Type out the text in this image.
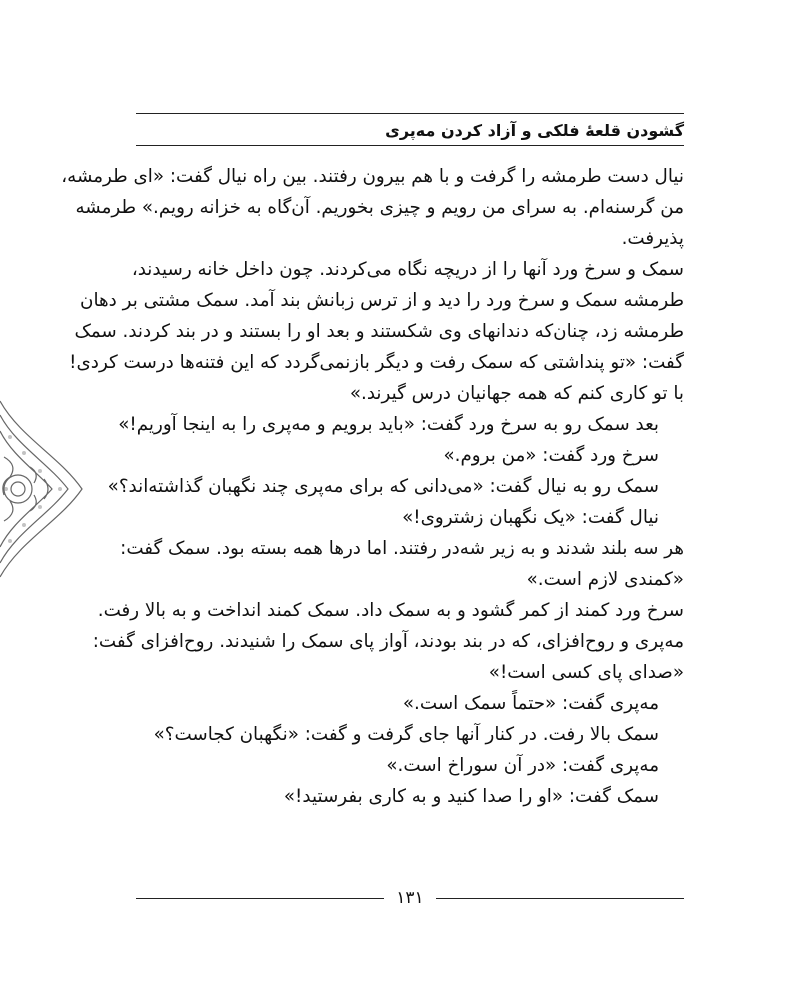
گشودن قلعهٔ فلکی و آزاد کردن مه‌پری
نیال دست طرمشه را گرفت و با هم بیرون رفتند. بین راه نیال گفت: «ای طرمشه،
من گرسنه‌ام. به سرای من رویم و چیزی بخوریم. آن‌گاه به خزانه رویم.» طرمشه
پذیرفت.
سمک و سرخ ورد آنها را از دریچه نگاه می‌کردند. چون داخل خانه رسیدند،
طرمشه سمک و سرخ ورد را دید و از ترس زبانش بند آمد. سمک مشتی بر دهان
طرمشه زد، چنان‌که دندانهای وی شکستند و بعد او را بستند و در بند کردند. سمک
گفت: «تو پنداشتی که سمک رفت و دیگر بازنمی‌گردد که این فتنه‌ها درست کردی!
با تو کاری کنم که همه جهانیان درس گیرند.»
بعد سمک رو به سرخ ورد گفت: «باید برویم و مه‌پری را به اینجا آوریم!»
سرخ ورد گفت: «من بروم.»
سمک رو به نیال گفت: «می‌دانی که برای مه‌پری چند نگهبان گذاشته‌اند؟»
نیال گفت: «یک نگهبان زشتروی!»
هر سه بلند شدند و به زیر شه‌در رفتند. اما درها همه بسته بود. سمک گفت:
«کمندی لازم است.»
سرخ ورد کمند از کمر گشود و به سمک داد. سمک کمند انداخت و به بالا رفت.
مه‌پری و روح‌افزای، که در بند بودند، آواز پای سمک را شنیدند. روح‌افزای گفت:
«صدای پای کسی است!»
مه‌پری گفت: «حتماً سمک است.»
سمک بالا رفت. در کنار آنها جای گرفت و گفت: «نگهبان کجاست؟»
مه‌پری گفت: «در آن سوراخ است.»
سمک گفت: «او را صدا کنید و به کاری بفرستید!»
۱۳۱
